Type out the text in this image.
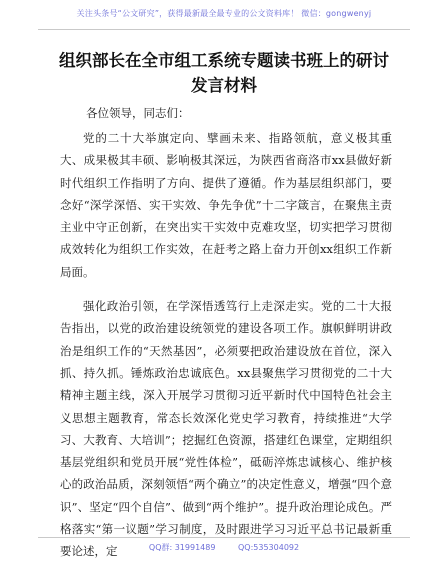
关注头条号“公文研究”，获得最新最全最专业的公文资料库！ 微信：gongwenyj
组织部长在全市组工系统专题读书班上的研讨
发言材料
各位领导，同志们：

党的二十大举旗定向、擘画未来、指路领航，意义极其重大、成果极其丰硕、影响极其深远，为陕西省商洛市xx县做好新时代组织工作指明了方向、提供了遵循。作为基层组织部门，要念好“深学深悟、实干实效、争先争优”十二字箴言，在聚焦主责主业中守正创新，在突出实干实效中克难攻坚，切实把学习贯彻成效转化为组织工作实效，在赶考之路上奋力开创xx组织工作新局面。

强化政治引领，在学深悟透笃行上走深走实。党的二十大报告指出，以党的政治建设统领党的建设各项工作。旗帜鲜明讲政治是组织工作的“天然基因”，必须要把政治建设放在首位，深入抓、持久抓。锤炼政治忠诚底色。xx县聚焦学习贯彻党的二十大精神主题主线，深入开展学习贯彻习近平新时代中国特色社会主义思想主题教育，常态长效深化党史学习教育，持续推进“大学习、大教育、大培训”；挖掘红色资源，搭建红色课堂，定期组织基层党组织和党员开展“党性体检”，砥砺淬炼忠诚核心、维护核心的政治品质，深刻领悟“两个确立”的决定性意义，增强“四个意识”、坚定“四个自信”、做到“两个维护”。提升政治理论成色。严格落实“第一议题”学习制度，及时跟进学习习近平总书记最新重要论述，定	QQ群: 31991489	QQ:535304092
